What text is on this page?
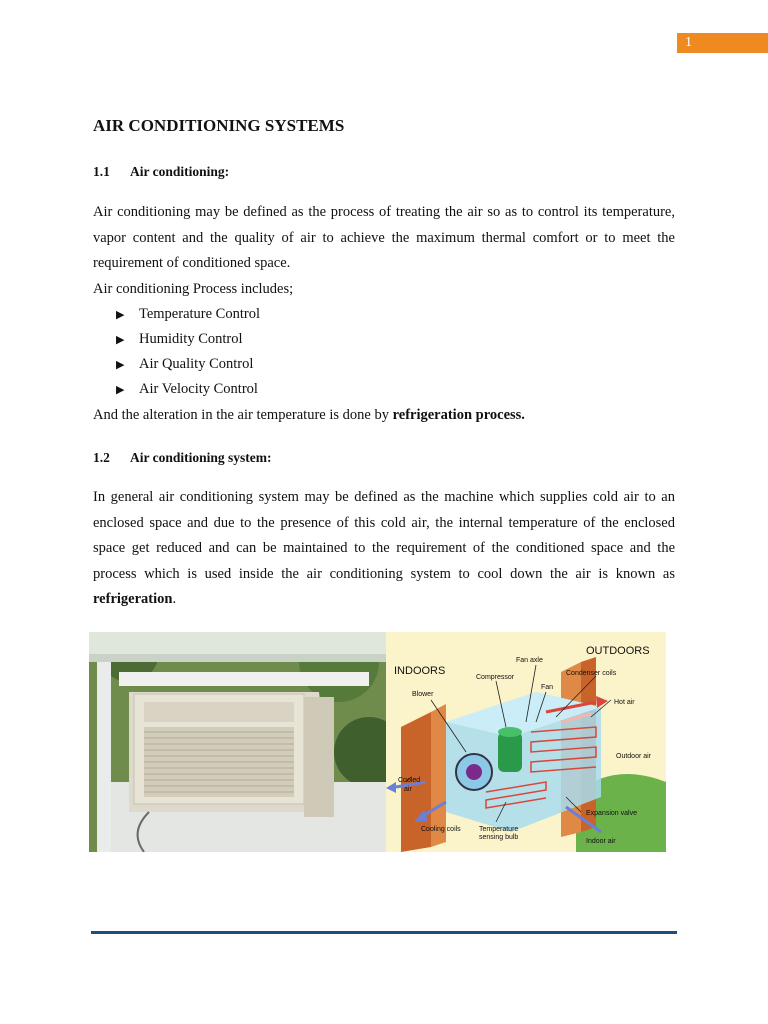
1
AIR CONDITIONING SYSTEMS
1.1 Air conditioning:

Air conditioning may be defined as the process of treating the air so as to control its temperature, vapor content and the quality of air to achieve the maximum thermal comfort or to meet the requirement of conditioned space.

Air conditioning Process includes;
▶ Temperature Control
▶ Humidity Control
▶ Air Quality Control
▶ Air Velocity Control
And the alteration in the air temperature is done by refrigeration process.
1.2 Air conditioning system:

In general air conditioning system may be defined as the machine which supplies cold air to an enclosed space and due to the presence of this cold air, the internal temperature of the enclosed space get reduced and can be maintained to the requirement of the conditioned space and the process which is used inside the air conditioning system to cool down the air is known as refrigeration.

OUTDOORS
INDOORS
Fan axle
Compressor
Condenser coils
Fan
Blower
Hot air
Outdoor air
Cooled
air
Expansion valve
Cooling coils	Temperature
sensing bulb
Indoor air
